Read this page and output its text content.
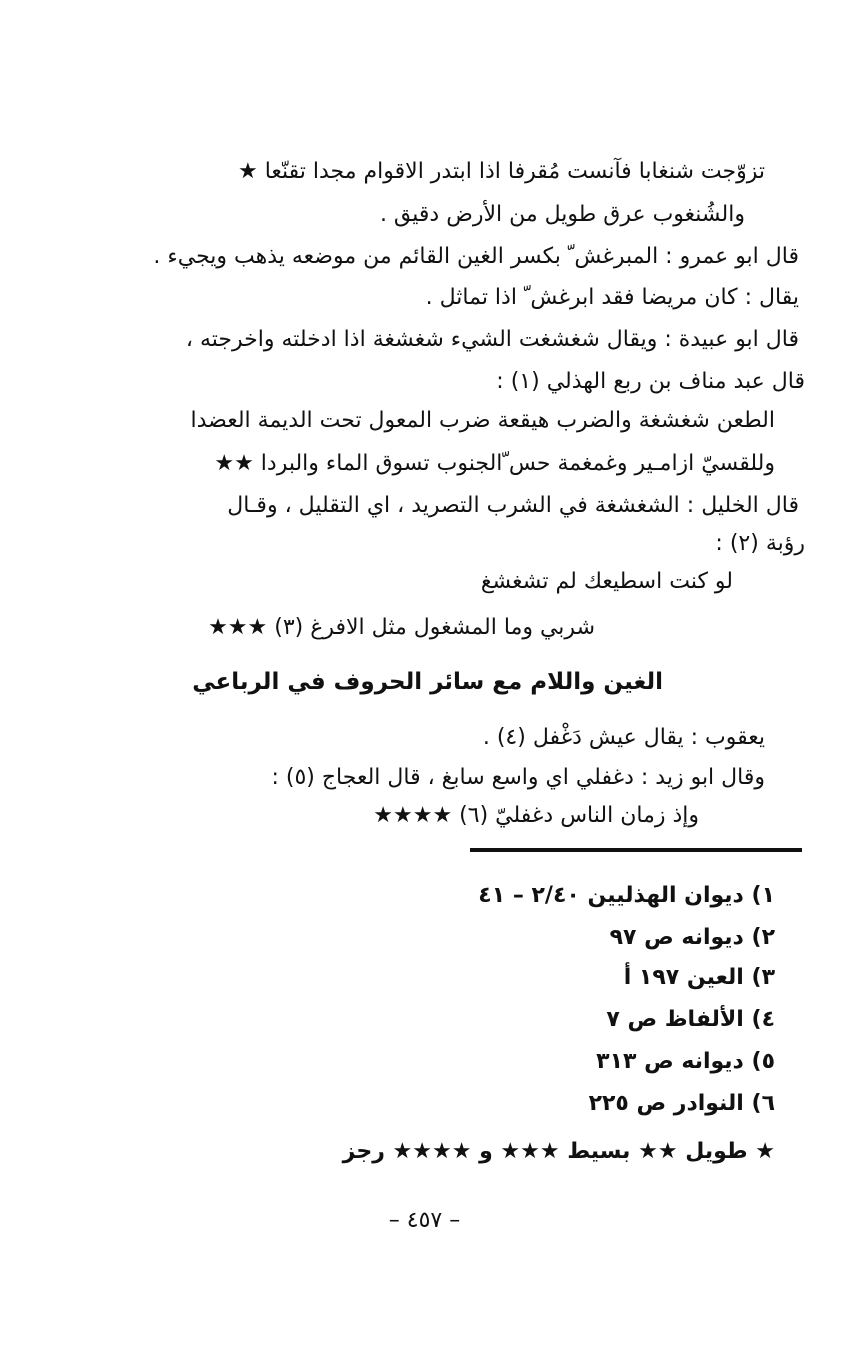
تزوّجت شنغابا فآنست مُقرفا اذا ابتدر الاقوام مجدا تقنّعا ★
والشُنغوب عرق طويل من الأرض دقيق .
قال ابو عمرو : المبرغش ّ بكسر الغين القائم من موضعه يذهب ويجيء .
يقال : كان مريضا فقد ابرغش ّ اذا تماثل .
قال ابو عبيدة : ويقال شغشغت الشيء شغشغة اذا ادخلته واخرجته ،
قال عبد مناف بن ربع الهذلي (١) :
الطعن شغشغة والضرب هيقعة ضرب المعول تحت الديمة العضدا
وللقسيّ ازامـير وغمغمة حس ّالجنوب تسوق الماء والبردا ★★
قال الخليل : الشغشغة في الشرب التصريد ، اي التقليل ، وقـال
رؤبة (٢) :
لو كنت اسطيعك لم تشغشغ
شربي وما المشغول مثل الافرغ (٣) ★★★
الغين واللام مع سائر الحروف في الرباعي
يعقوب : يقال عيش دَغْفل (٤) .
وقال ابو زيد : دغفلي اي واسع سابغ ، قال العجاج (٥) :
وإذ زمان الناس دغفليّ (٦) ★★★★
١) ديوان الهذليين ٢/٤٠ – ٤١
٢) ديوانه ص ٩٧
٣) العين ١٩٧ أ
٤) الألفاظ ص ٧
٥) ديوانه ص ٣١٣
٦) النوادر ص ٢٢٥
★ طويل ★★ بسيط ★★★ و ★★★★ رجز
– ٤٥٧ –
